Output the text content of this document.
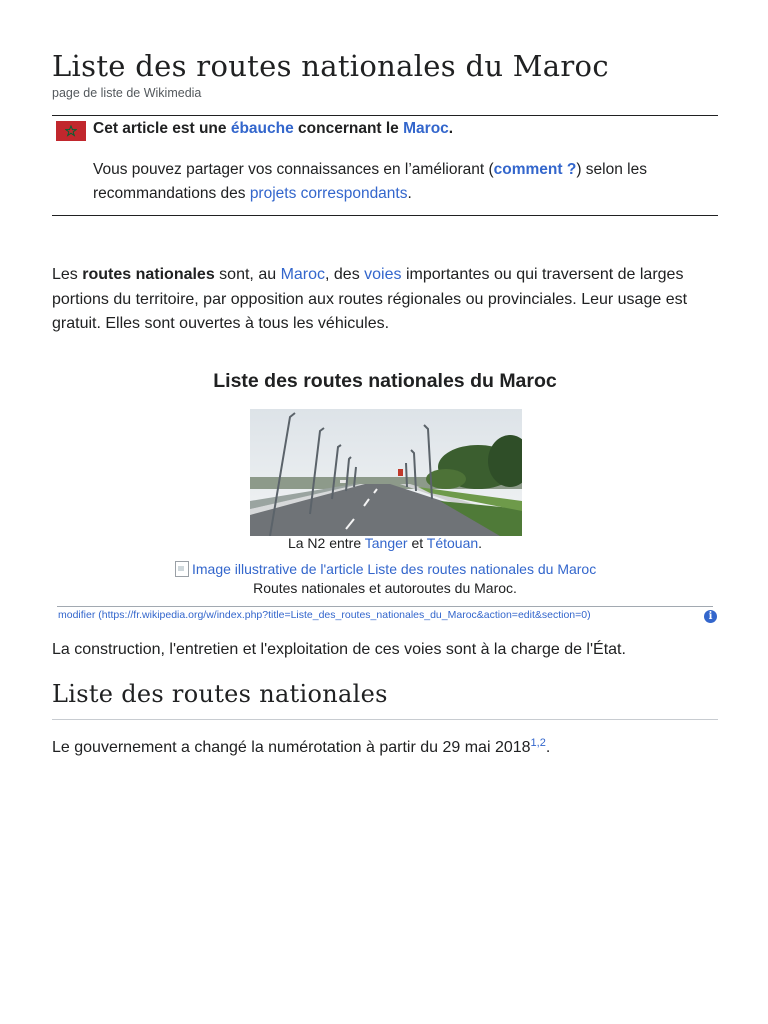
Liste des routes nationales du Maroc
page de liste de Wikimedia
Cet article est une ébauche concernant le Maroc.
Vous pouvez partager vos connaissances en l’améliorant (comment ?) selon les recommandations des projets correspondants.
Les routes nationales sont, au Maroc, des voies importantes ou qui traversent de larges portions du territoire, par opposition aux routes régionales ou provinciales. Leur usage est gratuit. Elles sont ouvertes à tous les véhicules.
Liste des routes nationales du Maroc
La N2 entre Tanger et Tétouan.
Image illustrative de l'article Liste des routes nationales du Maroc
Routes nationales et autoroutes du Maroc.
modifier (https://fr.wikipedia.org/w/index.php?title=Liste_des_routes_nationales_du_Maroc&action=edit&section=0)	i
La construction, l'entretien et l'exploitation de ces voies sont à la charge de l'État.
Liste des routes nationales
Le gouvernement a changé la numérotation à partir du 29 mai 2018$^{1,2}$.
